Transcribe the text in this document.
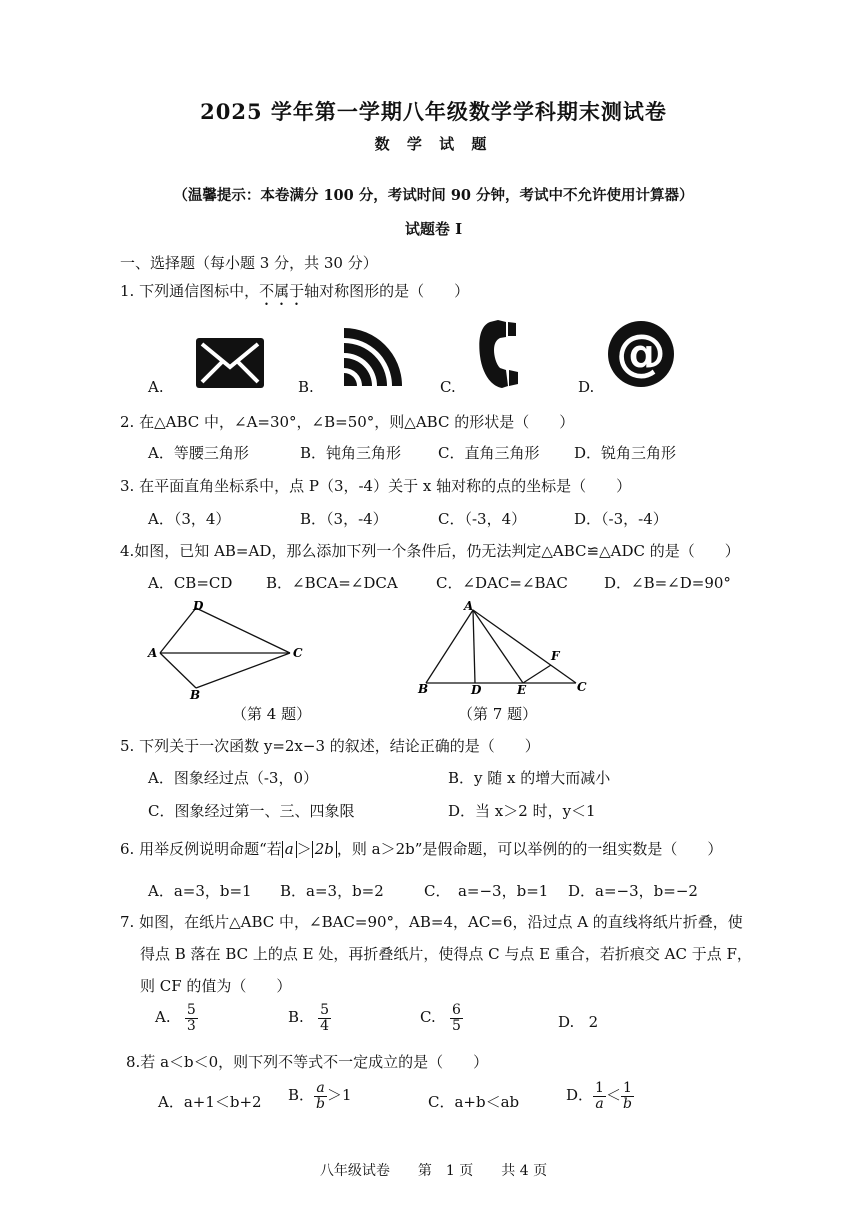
2025 学年第一学期八年级数学学科期末测试卷
数 学 试 题
（温馨提示：本卷满分 100 分，考试时间 90 分钟，考试中不允许使用计算器）
试题卷 I
一、选择题（每小题 3 分，共 30 分）
1. 下列通信图标中，不属于轴对称图形的是（　　）
A.	B.	C.	D.
@
2. 在△ABC 中，∠A=30°，∠B=50°，则△ABC 的形状是（　　）
A．等腰三角形	B．钝角三角形 C．直角三角形 D．锐角三角形
3. 在平面直角坐标系中，点 P（3，-4）关于 x 轴对称的点的坐标是（　　）
A．（3，4）	B．（3，-4）	C．（-3，4）	D．（-3，-4）
4.如图，已知 AB=AD，那么添加下列一个条件后，仍无法判定△ABC≌△ADC 的是（　　）
A．CB=CD B．∠BCA=∠DCA	C．∠DAC=∠BAC D．∠B=∠D=90°
A
D
B
C
（第 4 题）
A
B	D	E
F
C
（第 7 题）
5. 下列关于一次函数 y=2x−3 的叙述，结论正确的是（　　）
A．图象经过点（-3，0）	B．y 随 x 的增大而减小
C．图象经过第一、三、四象限	D．当 x＞2 时，y＜1
6. 用举反例说明命题“若 a ＞ 2b ，则 a＞2b”是假命题，可以举例的的一组实数是（　　）
A．a=3，b=1 B．a=3，b=2	C．　a=−3，b=1 D．a=−3，b=−2
7. 如图，在纸片△ABC 中，∠BAC=90°，AB=4，AC=6，沿过点 A 的直线将纸片折叠，使
得点 B 落在 BC 上的点 E 处，再折叠纸片，使得点 C 与点 E 重合，若折痕交 AC 于点 F，
则 CF 的值为（　　）
A. $\frac{5}{3}$	B. $\frac{5}{4}$	C. $\frac{6}{5}$	D. 2
8.若 a＜b＜0，则下列不等式不一定成立的是（　　）
A．a+1＜b+2 B． $\frac{a}{b} >1$	C．a+b＜ab	D． $\frac{1}{a} < \frac{1}{b}$
八年级试卷　　第　1 页　　共 4 页
